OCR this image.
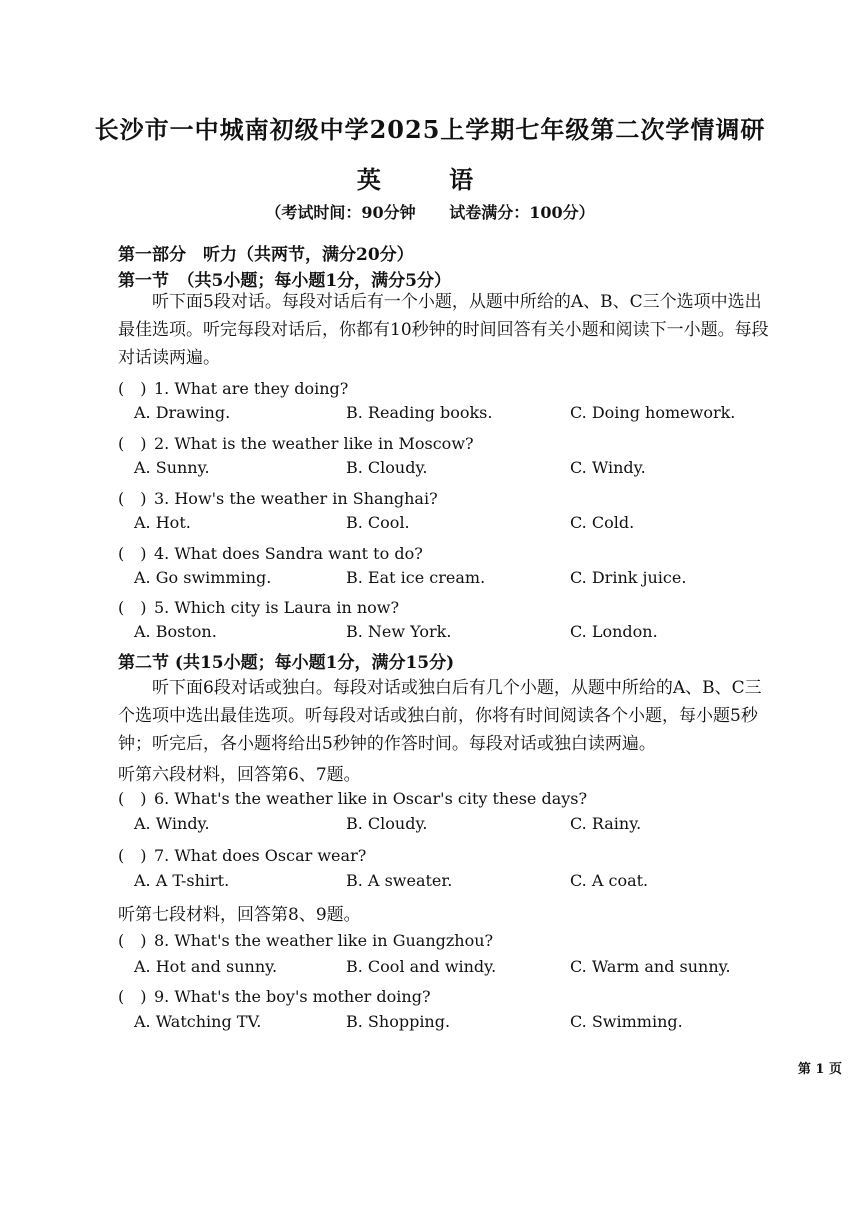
长沙市一中城南初级中学2025上学期七年级第二次学情调研
英 语
（考试时间：90分钟 试卷满分：100分）
第一部分　听力（共两节，满分20分）
第一节　（共5小题；每小题1分，满分5分）
听下面5段对话。每段对话后有一个小题，从题中所给的A、B、C三个选项中选出最佳选项。听完每段对话后，你都有10秒钟的时间回答有关小题和阅读下一小题。每段对话读两遍。
(　) 1. What are they doing?
A. Drawing.	B. Reading books.	C. Doing homework.
(　) 2. What is the weather like in Moscow?
A. Sunny.	B. Cloudy.	C. Windy.
(　) 3. How's the weather in Shanghai?
A. Hot.	B. Cool.	C. Cold.
(　) 4. What does Sandra want to do?
A. Go swimming.	B. Eat ice cream.	C. Drink juice.
(　) 5. Which city is Laura in now?
A. Boston.	B. New York.	C. London.
第二节 (共15小题；每小题1分，满分15分)
听下面6段对话或独白。每段对话或独白后有几个小题，从题中所给的A、B、C三个选项中选出最佳选项。听每段对话或独白前，你将有时间阅读各个小题，每小题5秒钟；听完后，各小题将给出5秒钟的作答时间。每段对话或独白读两遍。
听第六段材料，回答第6、7题。
(　) 6. What's the weather like in Oscar's city these days?
A. Windy.	B. Cloudy.	C. Rainy.
(　) 7. What does Oscar wear?
A. A T-shirt.	B. A sweater.	C. A coat.
听第七段材料，回答第8、9题。
(　) 8. What's the weather like in Guangzhou?
A. Hot and sunny.	B. Cool and windy.	C. Warm and sunny.
(　) 9. What's the boy's mother doing?
A. Watching TV.	B. Shopping.	C. Swimming.
第 1 页
